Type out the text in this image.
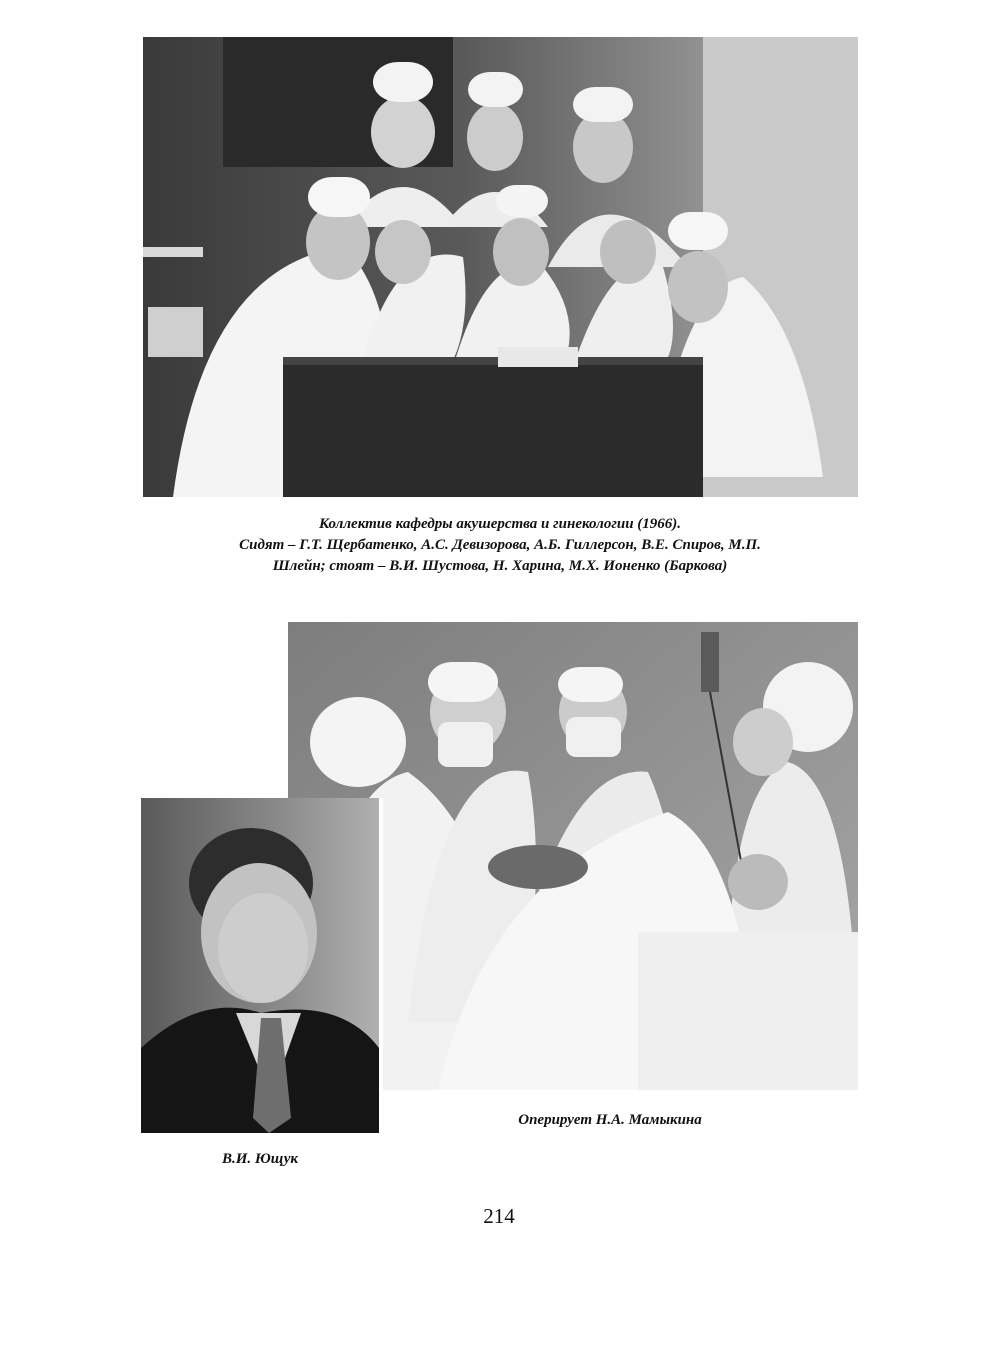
Коллектив кафедры акушерства и гинекологии (1966).
Сидят – Г.Т. Щербатенко, А.С. Девизорова, А.Б. Гиллерсон, В.Е. Спиров, М.П.
Шлейн; стоят – В.И. Шустова, Н. Харина, М.Х. Ионенко (Баркова)
Оперирует Н.А. Мамыкина
В.И. Ющук
214
